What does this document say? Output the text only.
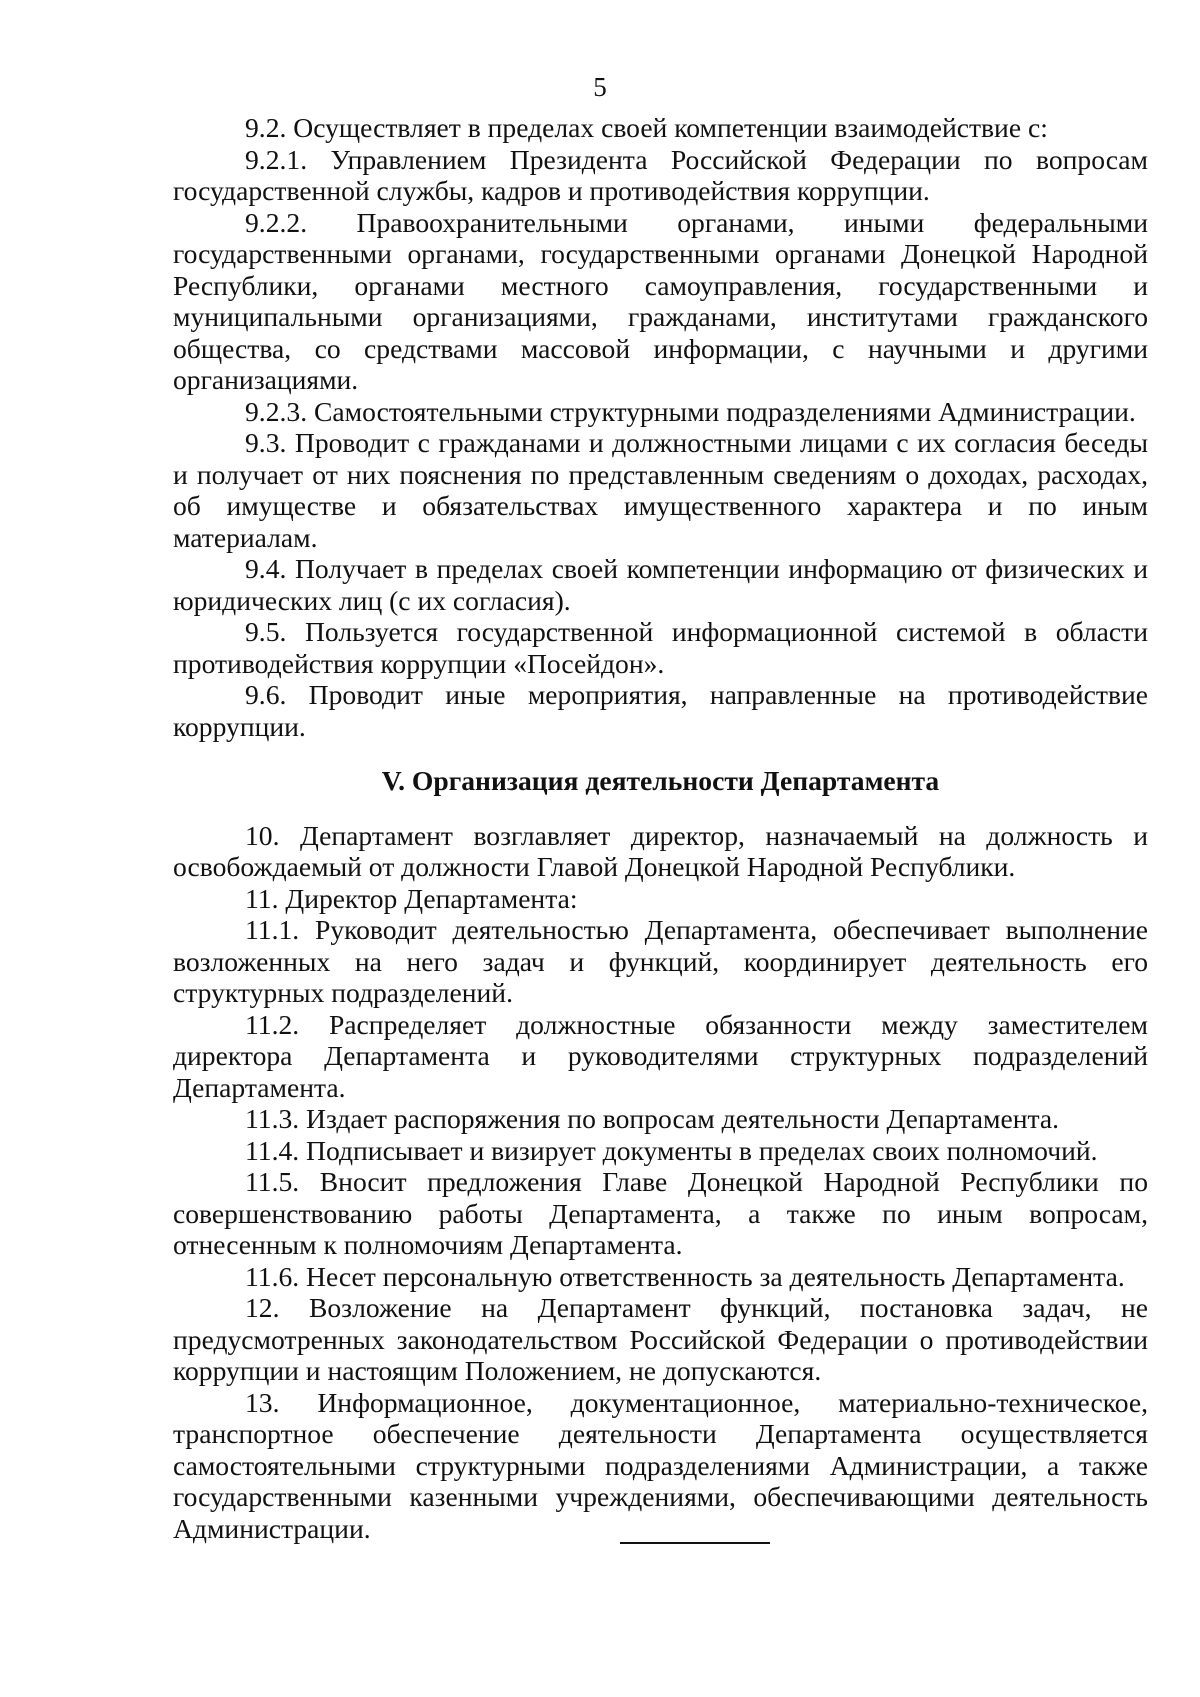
5

9.2. Осуществляет в пределах своей компетенции взаимодействие с:

9.2.1. Управлением Президента Российской Федерации по вопросам государственной службы, кадров и противодействия коррупции.

9.2.2. Правоохранительными органами, иными федеральными государственными органами, государственными органами Донецкой Народной Республики, органами местного самоуправления, государственными и муниципальными организациями, гражданами, институтами гражданского общества, со средствами массовой информации, с научными и другими организациями.

9.2.3. Самостоятельными структурными подразделениями Администрации.

9.3. Проводит с гражданами и должностными лицами с их согласия беседы и получает от них пояснения по представленным сведениям о доходах, расходах, об имуществе и обязательствах имущественного характера и по иным материалам.

9.4. Получает в пределах своей компетенции информацию от физических и юридических лиц (с их согласия).

9.5. Пользуется государственной информационной системой в области противодействия коррупции «Посейдон».

9.6. Проводит иные мероприятия, направленные на противодействие коррупции.

V. Организация деятельности Департамента

10. Департамент возглавляет директор, назначаемый на должность и освобождаемый от должности Главой Донецкой Народной Республики.

11. Директор Департамента:

11.1. Руководит деятельностью Департамента, обеспечивает выполнение возложенных на него задач и функций, координирует деятельность его структурных подразделений.

11.2. Распределяет должностные обязанности между заместителем директора Департамента и руководителями структурных подразделений Департамента.

11.3. Издает распоряжения по вопросам деятельности Департамента.

11.4. Подписывает и визирует документы в пределах своих полномочий.

11.5. Вносит предложения Главе Донецкой Народной Республики по совершенствованию работы Департамента, а также по иным вопросам, отнесенным к полномочиям Департамента.

11.6. Несет персональную ответственность за деятельность Департамента.

12. Возложение на Департамент функций, постановка задач, не предусмотренных законодательством Российской Федерации о противодействии коррупции и настоящим Положением, не допускаются.

13. Информационное, документационное, материально-техническое, транспортное обеспечение деятельности Департамента осуществляется самостоятельными структурными подразделениями Администрации, а также государственными казенными учреждениями, обеспечивающими деятельность Администрации.
